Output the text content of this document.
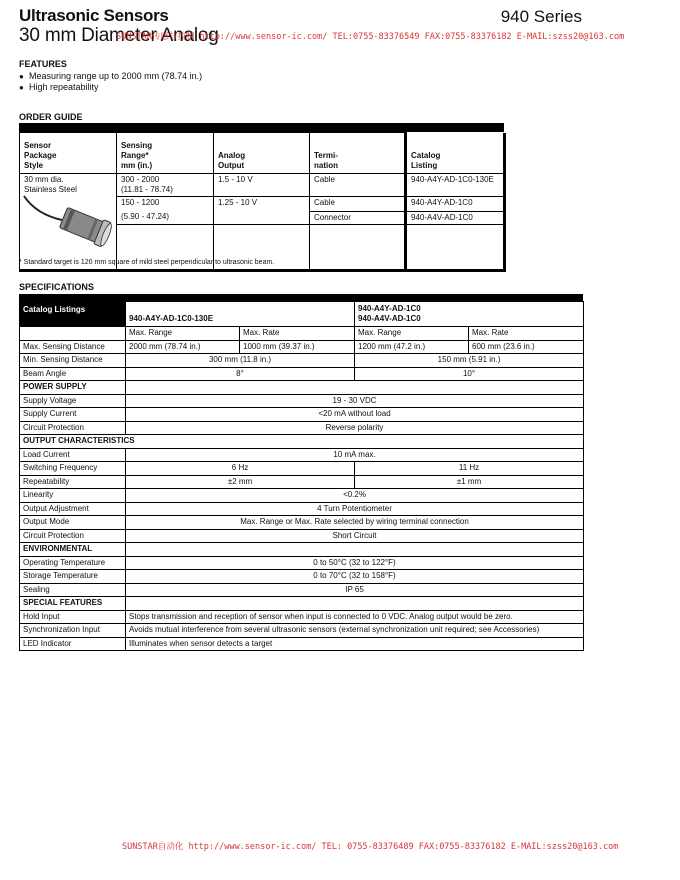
Ultrasonic Sensors
30 mm Diameter Analog
940 Series
SUNSTAR传感与控制 http://www.sensor-ic.com/ TEL:0755-83376549 FAX:0755-83376182 E-MAIL:szss20@163.com
FEATURES
● Measuring range up to 2000 mm (78.74 in.)
● High repeatability
ORDER GUIDE
Sensor
Package
Style	Sensing
Range*
mm (in.)	Analog
Output	Termi-
nation	Catalog
Listing
30 mm dia.
Stainless Steel	300 - 2000
(11.81 - 78.74)	1.5 - 10 V	Cable	940-A4Y-AD-1C0-130E
	150 - 1200	1.25 - 10 V	Cable	940-A4Y-AD-1C0
	(5.90 - 47.24)		Connector	940-A4V-AD-1C0

* Standard target is 120 mm square of mild steel perpendicular to ultrasonic beam.
SPECIFICATIONS
Catalog Listings	940-A4Y-AD-1C0-130E		940-A4Y-AD-1C0
940-A4V-AD-1C0	

	Max. Range	Max. Rate	Max. Range	Max. Rate
Max. Sensing Distance	2000 mm (78.74 in.)	1000 mm (39.37 in.)	1200 mm (47.2 in.)	600 mm (23.6 in.)
Min. Sensing Distance	300 mm (11.8 in.)		150 mm (5.91 in.)	
Beam Angle	8°		10°	
POWER SUPPLY				
Supply Voltage	19 - 30 VDC			
Supply Current	<20 mA without load			
Circuit Protection	Reverse polarity			
OUTPUT CHARACTERISTICS				
Load Current	10 mA max.			
Switching Frequency	6 Hz		11 Hz	
Repeatability	±2 mm		±1 mm	
Linearity	<0.2%			
Output Adjustment	4 Turn Potentiometer			
Output Mode	Max. Range or Max. Rate selected by wiring terminal connection			
Circuit Protection	Short Circuit			
ENVIRONMENTAL				
Operating Temperature	0 to 50°C (32 to 122°F)			
Storage Temperature	0 to 70°C (32 to 158°F)			
Sealing	IP 65			
SPECIAL FEATURES				
Hold Input	Stops transmission and reception of sensor when input is connected to 0 VDC. Analog output would be zero.			
Synchronization Input	Avoids mutual interference from several ultrasonic sensors (external synchronization unit required; see Accessories)			
LED Indicator	Illuminates when sensor detects a target			
SUNSTAR自动化 http://www.sensor-ic.com/ TEL: 0755-83376489 FAX:0755-83376182 E-MAIL:szss20@163.com
